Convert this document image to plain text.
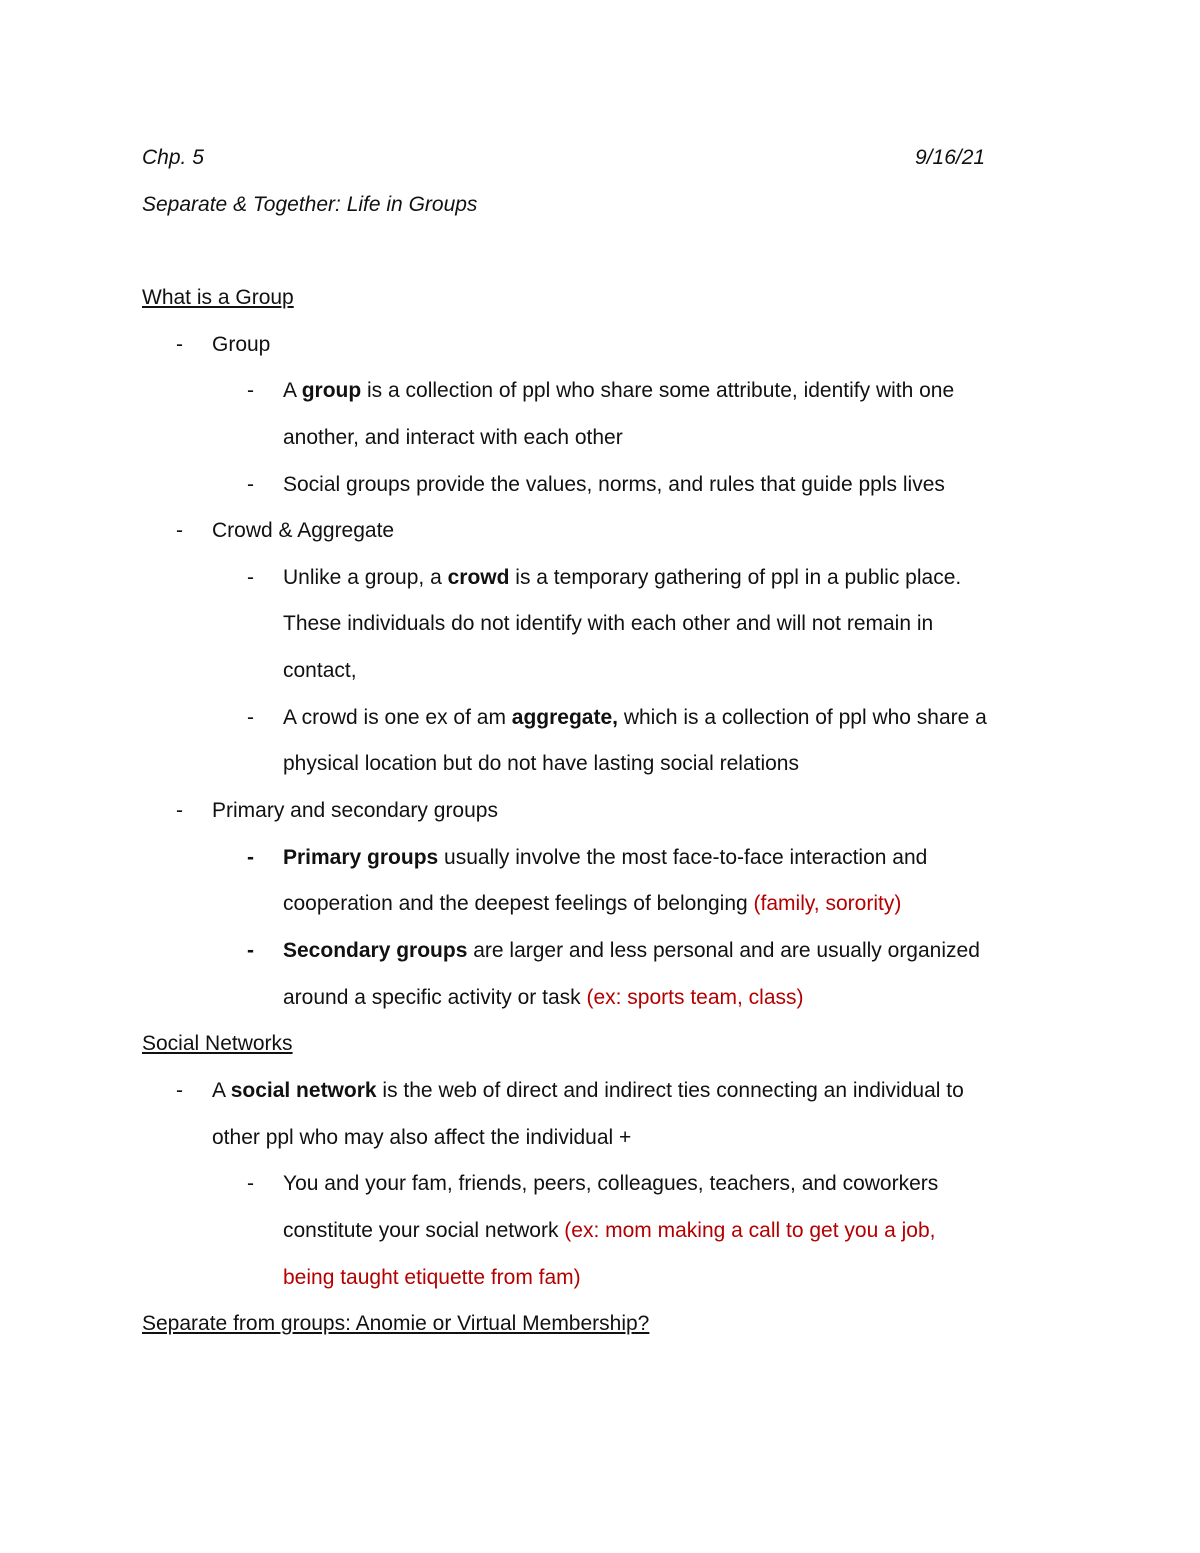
Chp. 5	9/16/21
Separate & Together: Life in Groups
What is a Group
- Group
- A group is a collection of ppl who share some attribute, identify with one
another, and interact with each other
- Social groups provide the values, norms, and rules that guide ppls lives
- Crowd & Aggregate
- Unlike a group, a crowd is a temporary gathering of ppl in a public place.
These individuals do not identify with each other and will not remain in
contact,
- A crowd is one ex of am aggregate, which is a collection of ppl who share a
physical location but do not have lasting social relations
- Primary and secondary groups
- Primary groups usually involve the most face-to-face interaction and
cooperation and the deepest feelings of belonging (family, sorority)
- Secondary groups are larger and less personal and are usually organized
around a specific activity or task (ex: sports team, class)
Social Networks
- A social network is the web of direct and indirect ties connecting an individual to
other ppl who may also affect the individual +
- You and your fam, friends, peers, colleagues, teachers, and coworkers
constitute your social network (ex: mom making a call to get you a job,
being taught etiquette from fam)
Separate from groups: Anomie or Virtual Membership?
